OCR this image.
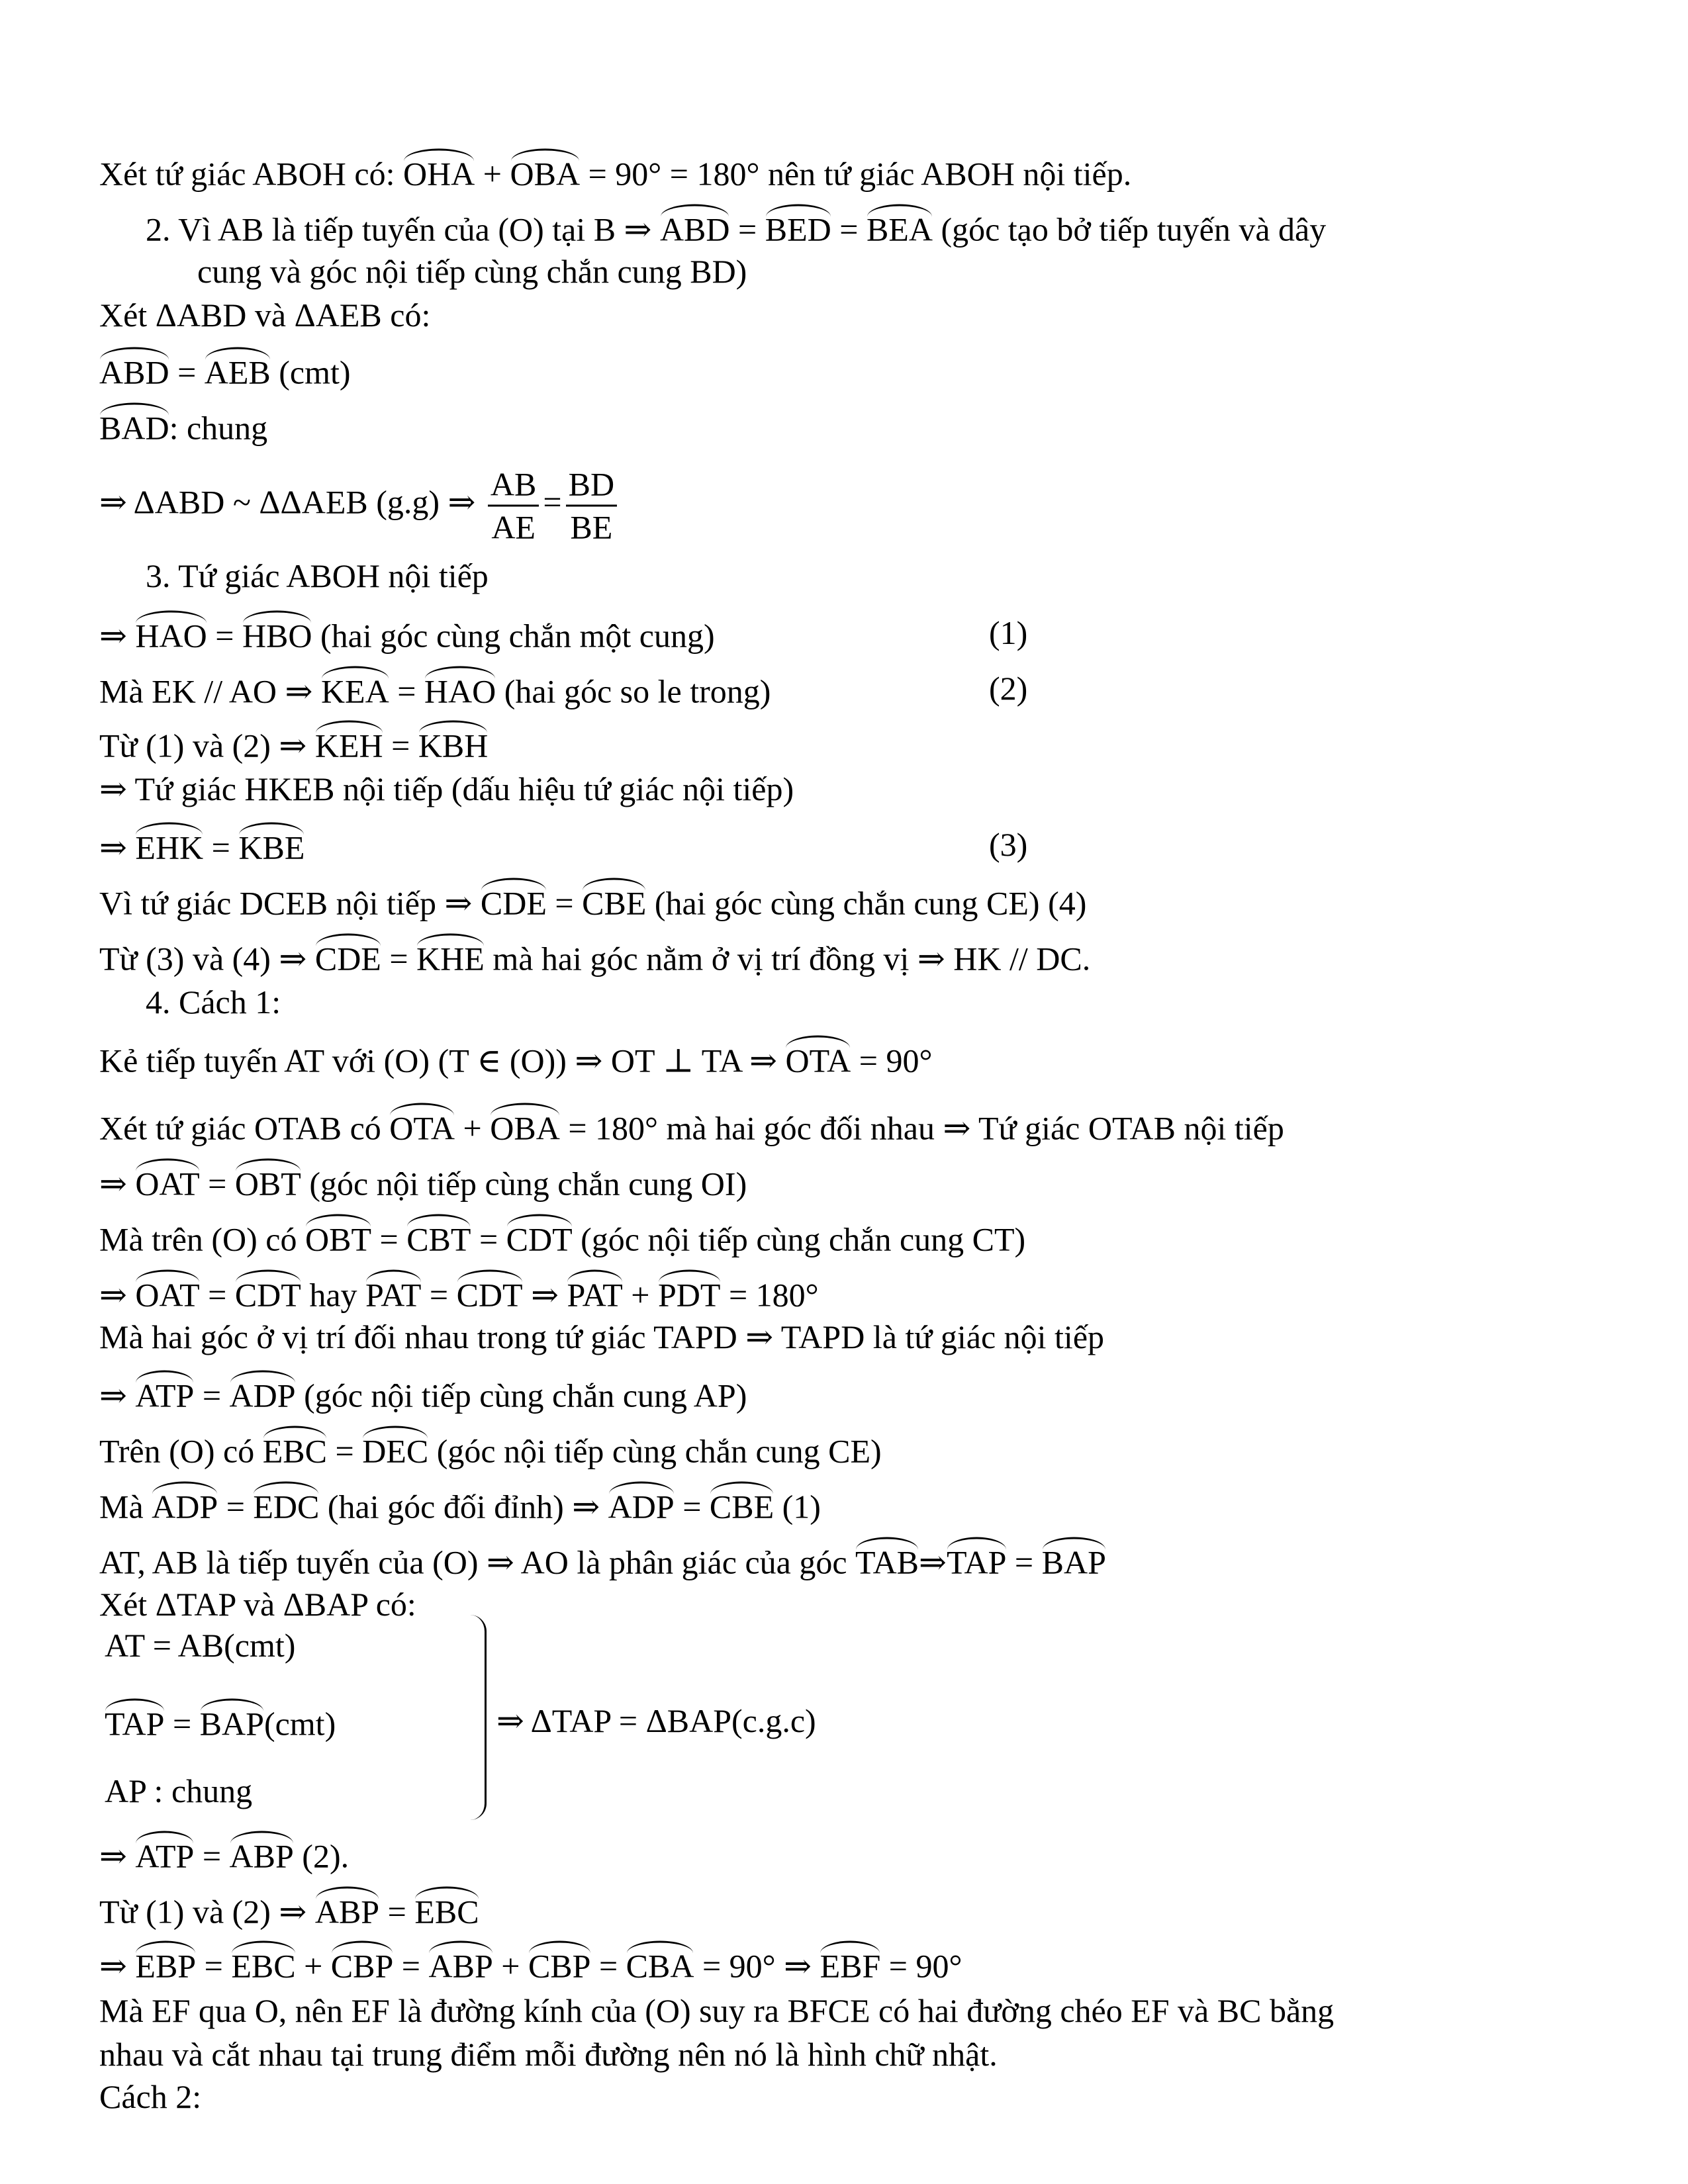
Xét tứ giác ABOH có: OHA + OBA = 90° = 180° nên tứ giác ABOH nội tiếp.
2. Vì AB là tiếp tuyến của (O) tại B ⇒ ABD = BED = BEA (góc tạo bở tiếp tuyến và dây
cung và góc nội tiếp cùng chắn cung BD)
Xét ΔABD và ΔAEB có:
ABD = AEB (cmt)
BAD: chung
⇒ ΔABD ~ ΔΔAEB (g.g) ⇒ $\frac{AB}{AE} = \frac{BD}{BE}$
3. Tứ giác ABOH nội tiếp
⇒ HAO = HBO (hai góc cùng chắn một cung)	(1)
Mà EK // AO ⇒ KEA = HAO (hai góc so le trong)	(2)
Từ (1) và (2) ⇒ KEH = KBH
⇒ Tứ giác HKEB nội tiếp (dấu hiệu tứ giác nội tiếp)
⇒ EHK = KBE	(3)
Vì tứ giác DCEB nội tiếp ⇒ CDE = CBE (hai góc cùng chắn cung CE) (4)
Từ (3) và (4) ⇒ CDE = KHE mà hai góc nằm ở vị trí đồng vị ⇒ HK // DC.
4. Cách 1:
Kẻ tiếp tuyến AT với (O) (T ∈ (O)) ⇒ OT ⊥ TA ⇒ OTA = 90°
Xét tứ giác OTAB có OTA + OBA = 180° mà hai góc đối nhau ⇒ Tứ giác OTAB nội tiếp
⇒ OAT = OBT (góc nội tiếp cùng chắn cung OI)
Mà trên (O) có OBT = CBT = CDT (góc nội tiếp cùng chắn cung CT)
⇒ OAT = CDT hay PAT = CDT ⇒ PAT + PDT = 180°
Mà hai góc ở vị trí đối nhau trong tứ giác TAPD ⇒ TAPD là tứ giác nội tiếp
⇒ ATP = ADP (góc nội tiếp cùng chắn cung AP)
Trên (O) có EBC = DEC (góc nội tiếp cùng chắn cung CE)
Mà ADP = EDC (hai góc đối đỉnh) ⇒ ADP = CBE (1)
AT, AB là tiếp tuyến của (O) ⇒ AO là phân giác của góc TAB⇒TAP = BAP
Xét ΔTAP và ΔBAP có:
AT = AB(cmt)
TAP = BAP(cmt)
AP : chung
⇒ ΔTAP = ΔBAP(c.g.c)
⇒ ATP = ABP (2).
Từ (1) và (2) ⇒ ABP = EBC
⇒ EBP = EBC + CBP = ABP + CBP = CBA = 90° ⇒ EBF = 90°
Mà EF qua O, nên EF là đường kính của (O) suy ra BFCE có hai đường chéo EF và BC bằng
nhau và cắt nhau tại trung điểm mỗi đường nên nó là hình chữ nhật.
Cách 2:
